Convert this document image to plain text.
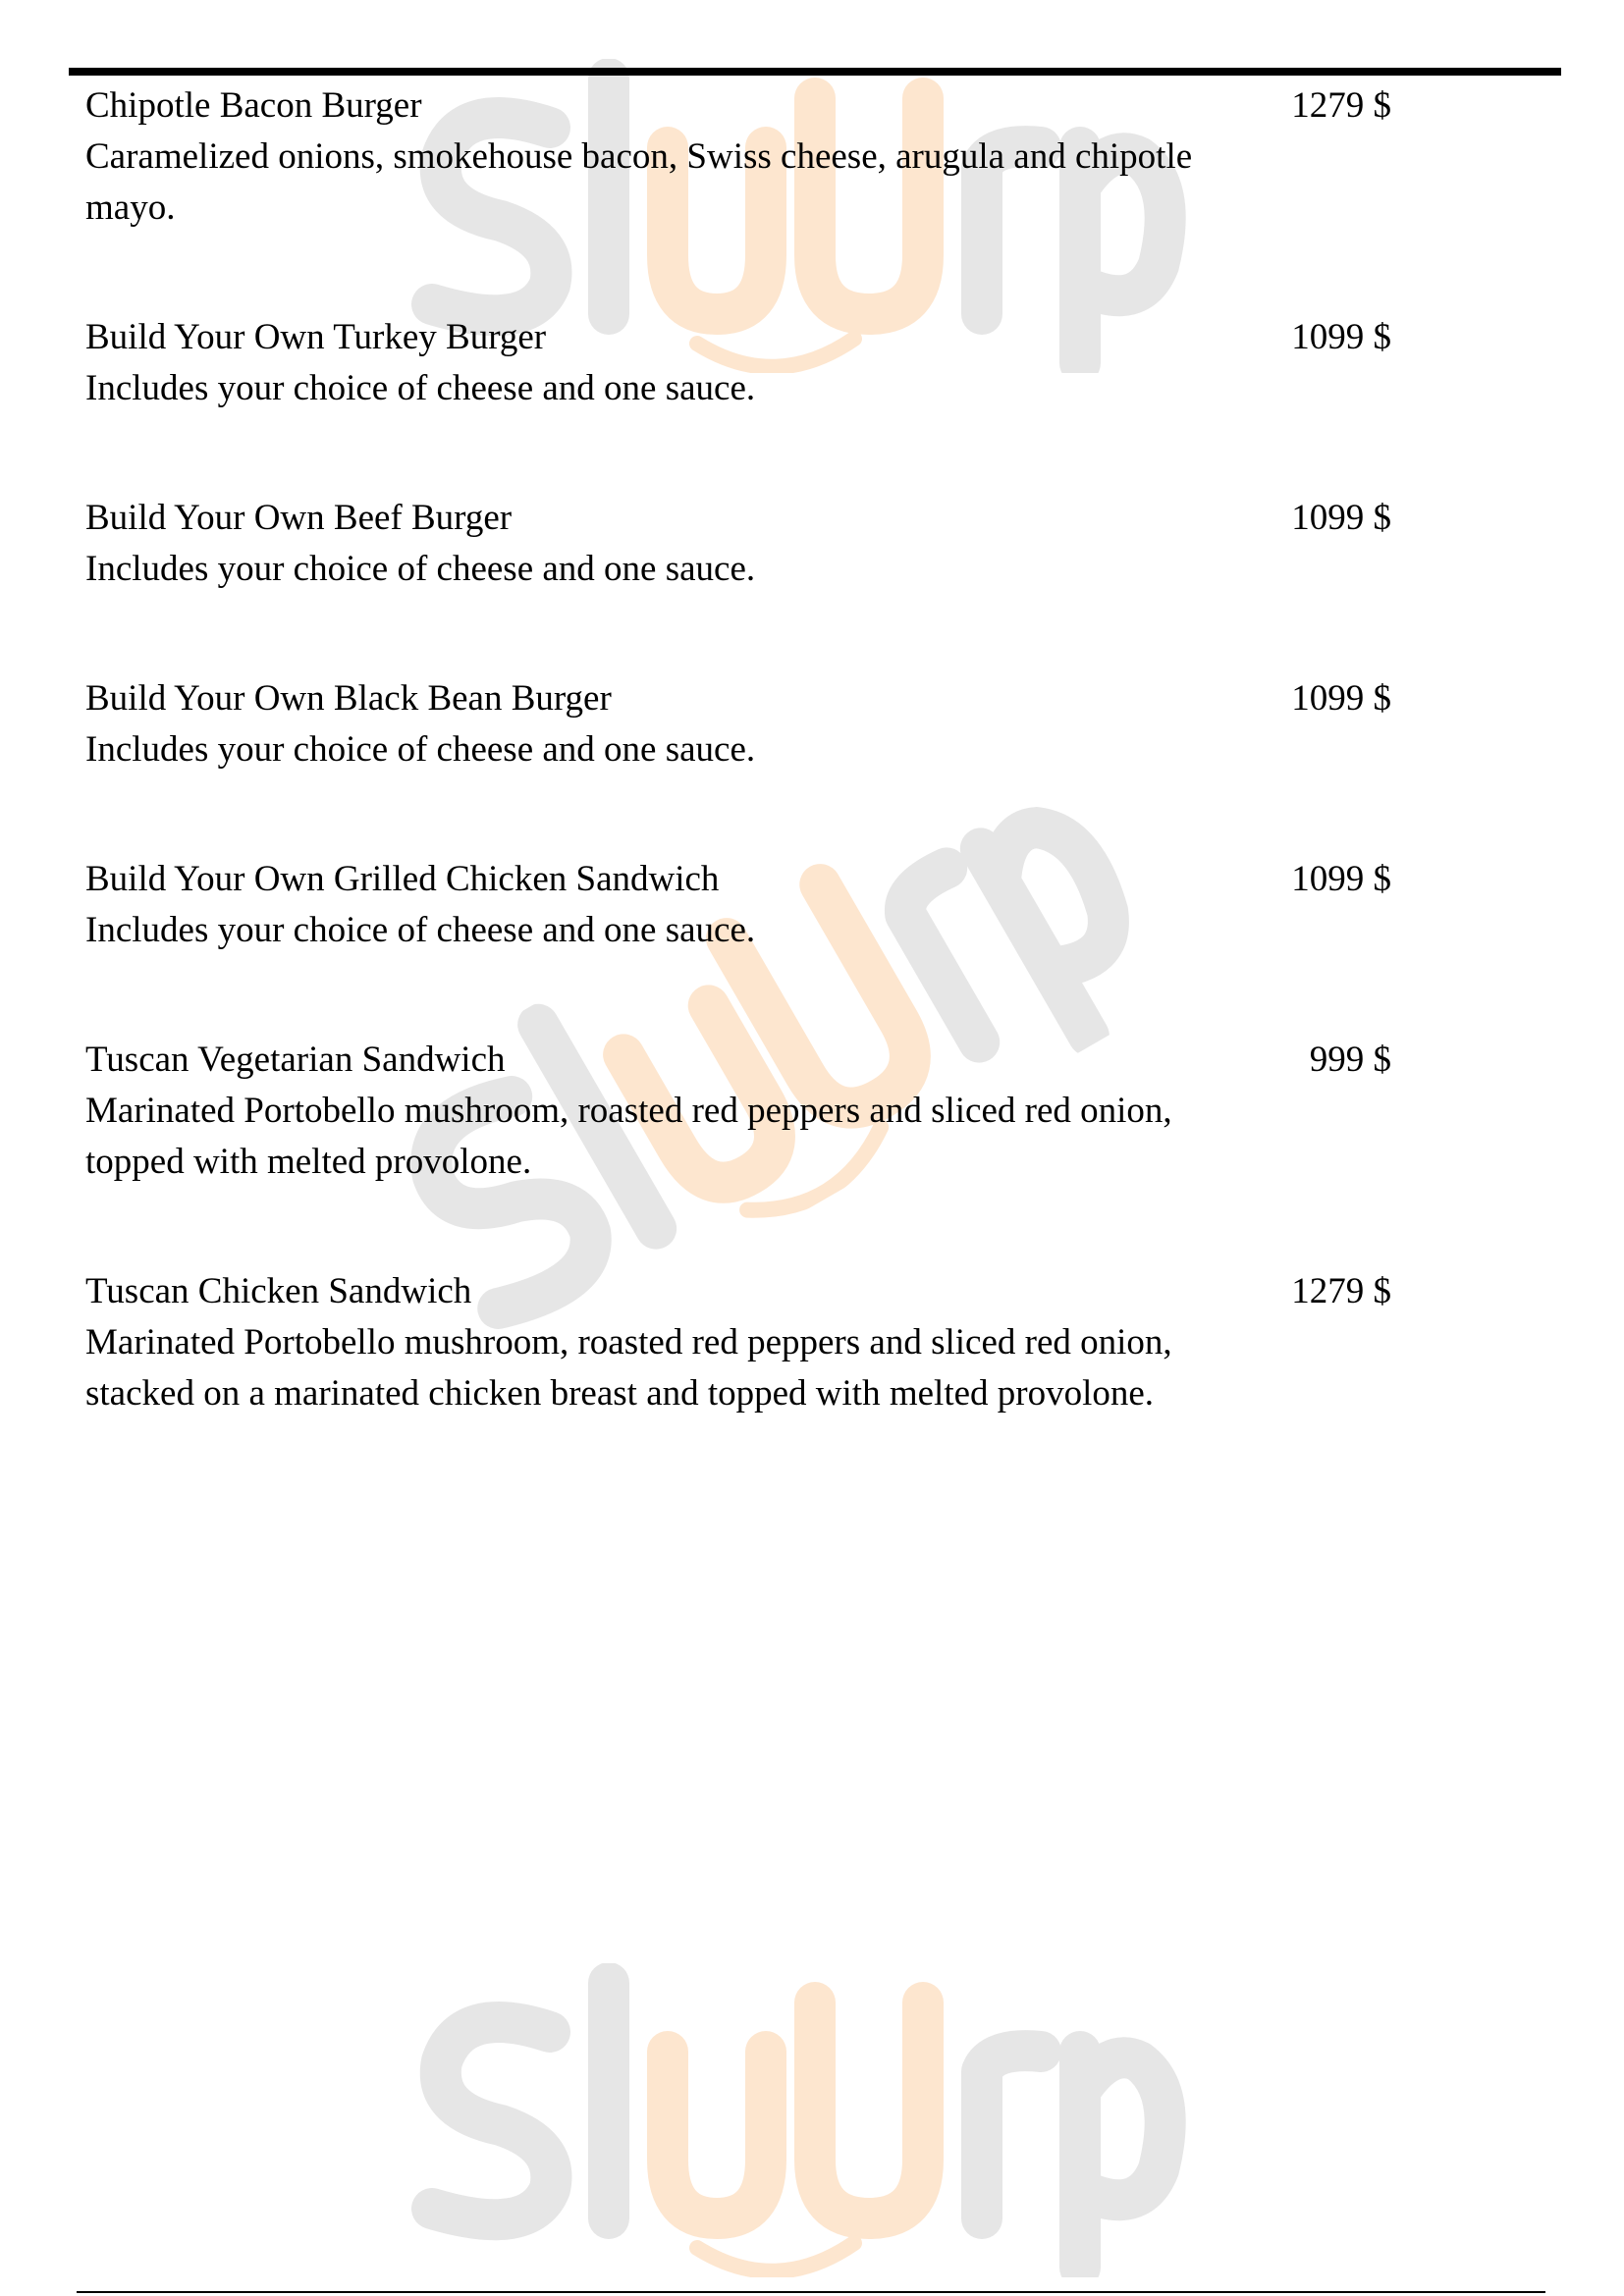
Chipotle Bacon Burger
Caramelized onions, smokehouse bacon, Swiss cheese, arugula and chipotle mayo.
1279 $
Build Your Own Turkey Burger
Includes your choice of cheese and one sauce.
1099 $
Build Your Own Beef Burger
Includes your choice of cheese and one sauce.
1099 $
Build Your Own Black Bean Burger
Includes your choice of cheese and one sauce.
1099 $
Build Your Own Grilled Chicken Sandwich
Includes your choice of cheese and one sauce.
1099 $
Tuscan Vegetarian Sandwich
Marinated Portobello mushroom, roasted red peppers and sliced red onion, topped with melted provolone.
999 $
Tuscan Chicken Sandwich
Marinated Portobello mushroom, roasted red peppers and sliced red onion, stacked on a marinated chicken breast and topped with melted provolone.
1279 $
